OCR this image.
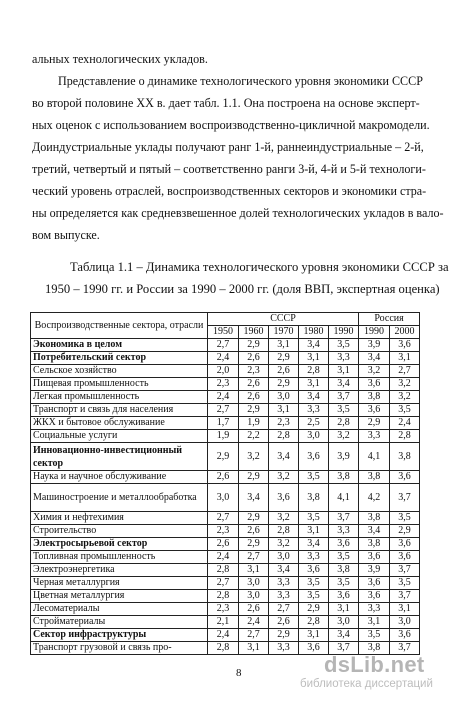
альных технологических укладов.
Представление о динамике технологического уровня экономики СССР
во второй половине XX в. дает табл. 1.1. Она построена на основе эксперт-
ных оценок с использованием воспроизводственно-цикличной макромодели.
Доиндустриальные уклады получают ранг 1-й, раннеиндустриальные – 2-й,
третий, четвертый и пятый – соответственно ранги 3-й, 4-й и 5-й технологи-
ческий уровень отраслей, воспроизводственных секторов и экономики стра-
ны определяется как средневзвешенное долей технологических укладов в вало-
вом выпуске.
Таблица 1.1 – Динамика технологического уровня экономики СССР за
1950 – 1990 гг. и России за 1990 – 2000 гг. (доля ВВП, экспертная оценка)
Воспроизводственные сектора, отрасли	СССР					Россия	
	1950	1960	1970	1980	1990	1990	2000
Экономика в целом	2,7	2,9	3,1	3,4	3,5	3,9	3,6
Потребительский сектор	2,4	2,6	2,9	3,1	3,3	3,4	3,1
Сельское хозяйство	2,0	2,3	2,6	2,8	3,1	3,2	2,7
Пищевая промышленность	2,3	2,6	2,9	3,1	3,4	3,6	3,2
Легкая промышленность	2,4	2,6	3,0	3,4	3,7	3,8	3,2
Транспорт и связь для населения	2,7	2,9	3,1	3,3	3,5	3,6	3,5
ЖКХ и бытовое обслуживание	1,7	1,9	2,3	2,5	2,8	2,9	2,4
Социальные услуги	1,9	2,2	2,8	3,0	3,2	3,3	2,8
Инновационно-инвестиционный сектор	2,9	3,2	3,4	3,6	3,9	4,1	3,8
Наука и научное обслуживание	2,6	2,9	3,2	3,5	3,8	3,8	3,6
Машиностроение и металлообработка	3,0	3,4	3,6	3,8	4,1	4,2	3,7
Химия и нефтехимия	2,7	2,9	3,2	3,5	3,7	3,8	3,5
Строительство	2,3	2,6	2,8	3,1	3,3	3,4	2,9
Электросырьевой сектор	2,6	2,9	3,2	3,4	3,6	3,8	3,6
Топливная промышленность	2,4	2,7	3,0	3,3	3,5	3,6	3,6
Электроэнергетика	2,8	3,1	3,4	3,6	3,8	3,9	3,7
Черная металлургия	2,7	3,0	3,3	3,5	3,5	3,6	3,5
Цветная металлургия	2,8	3,0	3,3	3,5	3,6	3,6	3,7
Лесоматериалы	2,3	2,6	2,7	2,9	3,1	3,3	3,1
Стройматериалы	2,1	2,4	2,6	2,8	3,0	3,1	3,0
Сектор инфраструктуры	2,4	2,7	2,9	3,1	3,4	3,5	3,6
Транспорт грузовой и связь про-	2,8	3,1	3,3	3,6	3,7	3,8	3,7
8	dsLib.net
библиотека диссертаций
